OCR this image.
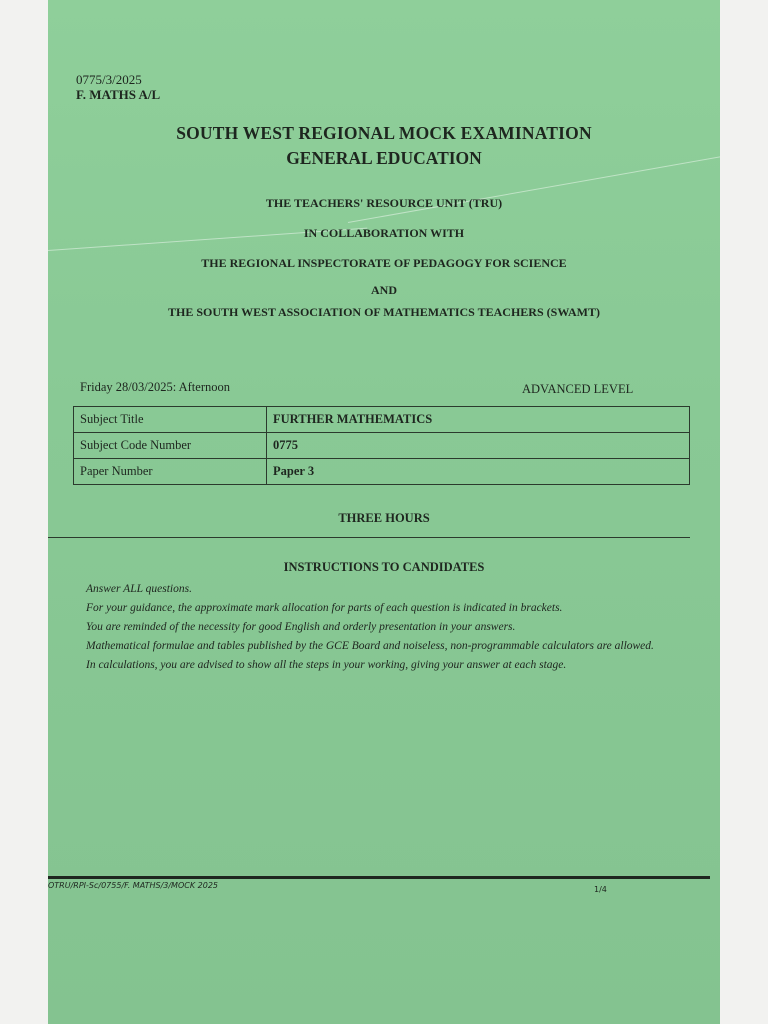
0775/3/2025
F. MATHS A/L
SOUTH WEST REGIONAL MOCK EXAMINATION
GENERAL EDUCATION
THE TEACHERS' RESOURCE UNIT (TRU)
IN COLLABORATION WITH
THE REGIONAL INSPECTORATE OF PEDAGOGY FOR SCIENCE
AND
THE SOUTH WEST ASSOCIATION OF MATHEMATICS TEACHERS (SWAMT)
Friday 28/03/2025: Afternoon	ADVANCED LEVEL
Subject Title	FURTHER MATHEMATICS
Subject Code Number	0775
Paper Number	Paper 3
THREE HOURS
INSTRUCTIONS TO CANDIDATES

Answer ALL questions.

For your guidance, the approximate mark allocation for parts of each question is indicated in brackets.

You are reminded of the necessity for good English and orderly presentation in your answers.

Mathematical formulae and tables published by the GCE Board and noiseless, non-programmable calculators are allowed.

In calculations, you are advised to show all the steps in your working, giving your answer at each stage.

OTRU/RPI-Sc/0755/F. MATHS/3/MOCK 2025	1/4
